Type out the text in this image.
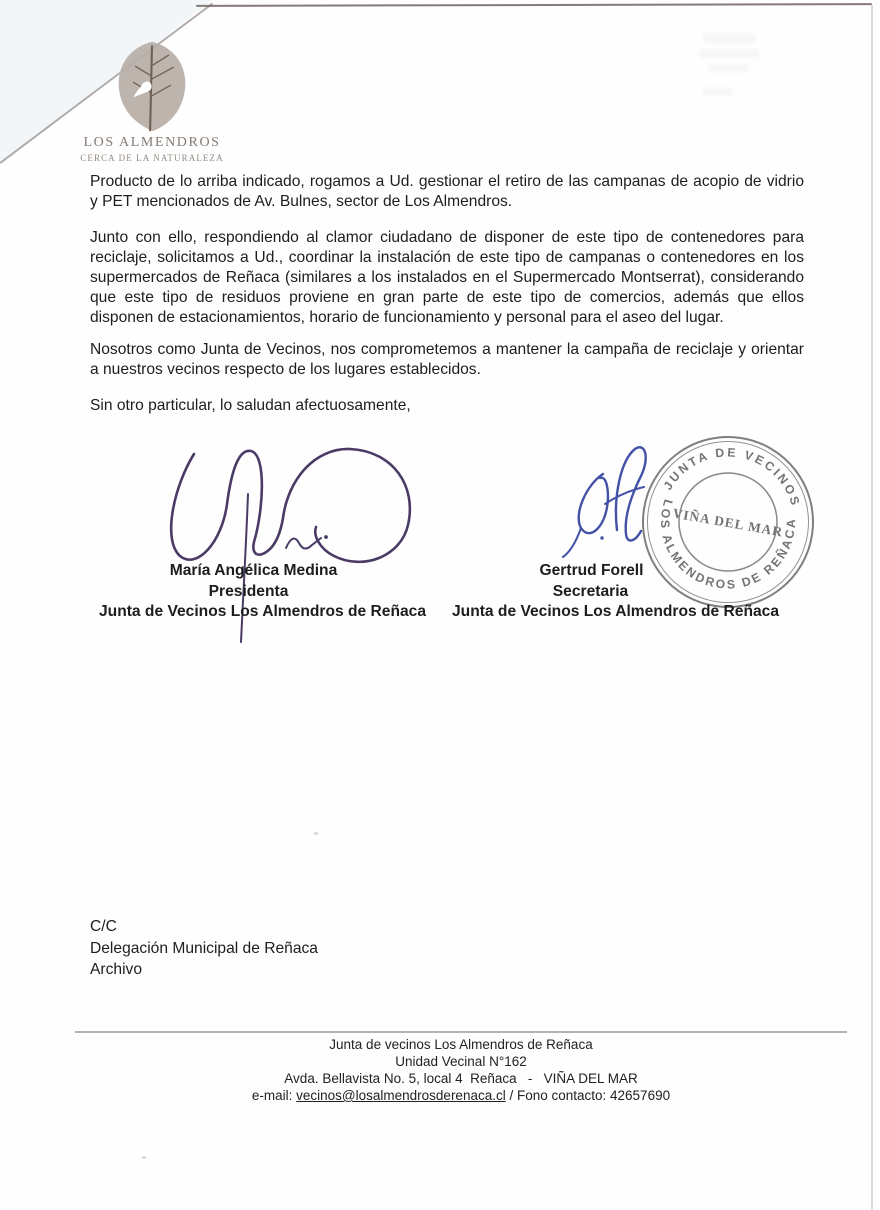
LOS ALMENDROS
CERCA DE LA NATURALEZA
Producto de lo arriba indicado, rogamos a Ud. gestionar el retiro de las campanas de acopio de vidrio
y PET mencionados de Av. Bulnes, sector de Los Almendros.
Junto con ello, respondiendo al clamor ciudadano de disponer de este tipo de contenedores para
reciclaje, solicitamos a Ud., coordinar la instalación de este tipo de campanas o contenedores en los
supermercados de Reñaca (similares a los instalados en el Supermercado Montserrat), considerando
que este tipo de residuos proviene en gran parte de este tipo de comercios, además que ellos
disponen de estacionamientos, horario de funcionamiento y personal para el aseo del lugar.
Nosotros como Junta de Vecinos, nos comprometemos a mantener la campaña de reciclaje y orientar
a nuestros vecinos respecto de los lugares establecidos.
Sin otro particular, lo saludan afectuosamente,
JUNTA DE VECINOS
LOS ALMENDROS DE REÑACA
VIÑA DEL MAR
María Angélica Medina
Presidenta
Junta de Vecinos Los Almendros de Reñaca
Gertrud Forell
Secretaria
Junta de Vecinos Los Almendros de Reñaca
C/C
Delegación Municipal de Reñaca
Archivo
Junta de vecinos Los Almendros de Reñaca
Unidad Vecinal N°162
Avda. Bellavista No. 5, local 4  Reñaca   -   VIÑA DEL MAR
e-mail: vecinos@losalmendrosderenaca.cl / Fono contacto: 42657690
